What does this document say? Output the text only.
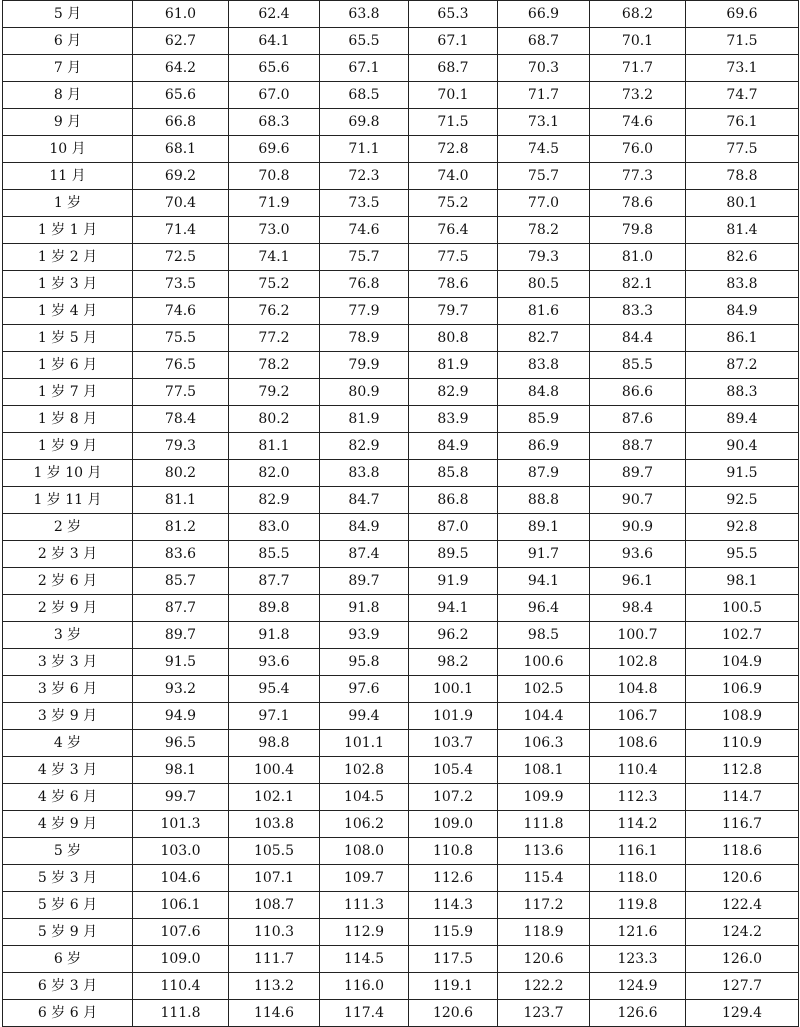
5 月	61.0	62.4	63.8	65.3	66.9	68.2	69.6
6 月	62.7	64.1	65.5	67.1	68.7	70.1	71.5
7 月	64.2	65.6	67.1	68.7	70.3	71.7	73.1
8 月	65.6	67.0	68.5	70.1	71.7	73.2	74.7
9 月	66.8	68.3	69.8	71.5	73.1	74.6	76.1
10 月	68.1	69.6	71.1	72.8	74.5	76.0	77.5
11 月	69.2	70.8	72.3	74.0	75.7	77.3	78.8
1 岁	70.4	71.9	73.5	75.2	77.0	78.6	80.1
1 岁 1 月	71.4	73.0	74.6	76.4	78.2	79.8	81.4
1 岁 2 月	72.5	74.1	75.7	77.5	79.3	81.0	82.6
1 岁 3 月	73.5	75.2	76.8	78.6	80.5	82.1	83.8
1 岁 4 月	74.6	76.2	77.9	79.7	81.6	83.3	84.9
1 岁 5 月	75.5	77.2	78.9	80.8	82.7	84.4	86.1
1 岁 6 月	76.5	78.2	79.9	81.9	83.8	85.5	87.2
1 岁 7 月	77.5	79.2	80.9	82.9	84.8	86.6	88.3
1 岁 8 月	78.4	80.2	81.9	83.9	85.9	87.6	89.4
1 岁 9 月	79.3	81.1	82.9	84.9	86.9	88.7	90.4
1 岁 10 月	80.2	82.0	83.8	85.8	87.9	89.7	91.5
1 岁 11 月	81.1	82.9	84.7	86.8	88.8	90.7	92.5
2 岁	81.2	83.0	84.9	87.0	89.1	90.9	92.8
2 岁 3 月	83.6	85.5	87.4	89.5	91.7	93.6	95.5
2 岁 6 月	85.7	87.7	89.7	91.9	94.1	96.1	98.1
2 岁 9 月	87.7	89.8	91.8	94.1	96.4	98.4	100.5
3 岁	89.7	91.8	93.9	96.2	98.5	100.7	102.7
3 岁 3 月	91.5	93.6	95.8	98.2	100.6	102.8	104.9
3 岁 6 月	93.2	95.4	97.6	100.1	102.5	104.8	106.9
3 岁 9 月	94.9	97.1	99.4	101.9	104.4	106.7	108.9
4 岁	96.5	98.8	101.1	103.7	106.3	108.6	110.9
4 岁 3 月	98.1	100.4	102.8	105.4	108.1	110.4	112.8
4 岁 6 月	99.7	102.1	104.5	107.2	109.9	112.3	114.7
4 岁 9 月	101.3	103.8	106.2	109.0	111.8	114.2	116.7
5 岁	103.0	105.5	108.0	110.8	113.6	116.1	118.6
5 岁 3 月	104.6	107.1	109.7	112.6	115.4	118.0	120.6
5 岁 6 月	106.1	108.7	111.3	114.3	117.2	119.8	122.4
5 岁 9 月	107.6	110.3	112.9	115.9	118.9	121.6	124.2
6 岁	109.0	111.7	114.5	117.5	120.6	123.3	126.0
6 岁 3 月	110.4	113.2	116.0	119.1	122.2	124.9	127.7
6 岁 6 月	111.8	114.6	117.4	120.6	123.7	126.6	129.4
